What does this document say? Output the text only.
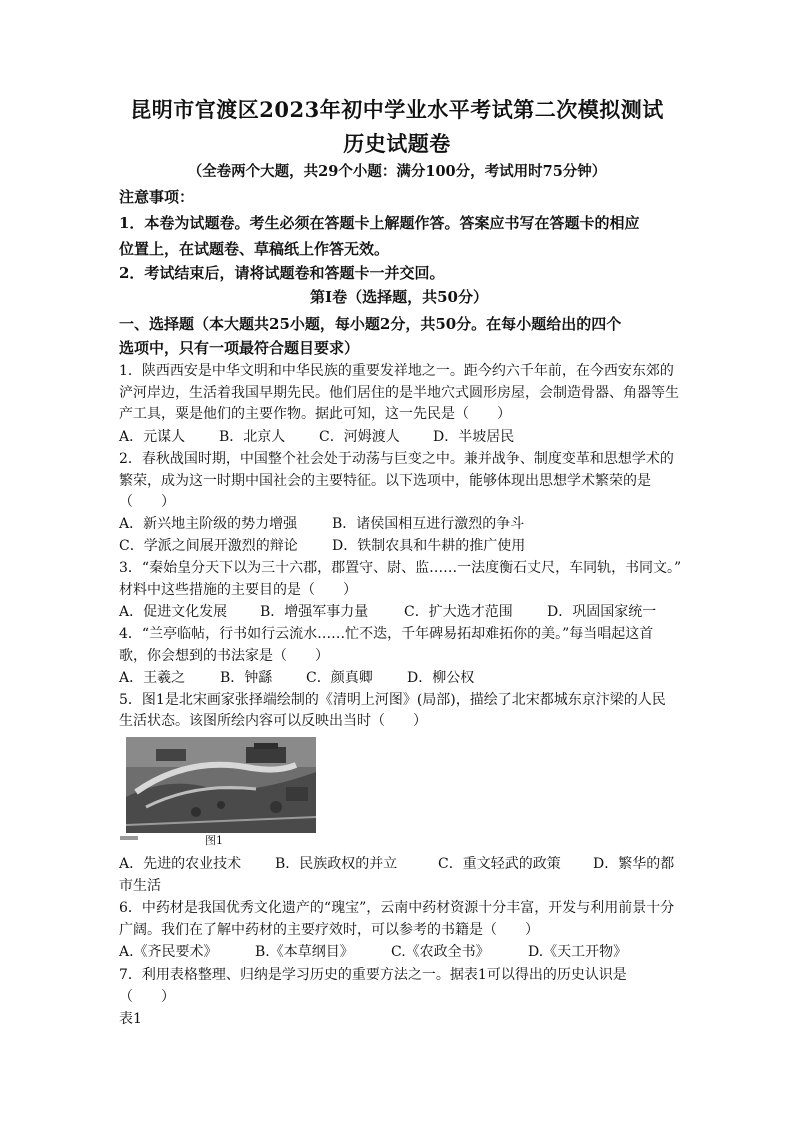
昆明市官渡区2023年初中学业水平考试第二次模拟测试
历史试题卷
（全卷两个大题，共29个小题：满分100分，考试用时75分钟）
注意事项：
1．本卷为试题卷。考生必须在答题卡上解题作答。答案应书写在答题卡的相应
位置上，在试题卷、草稿纸上作答无效。
2．考试结束后，请将试题卷和答题卡一并交回。
第Ⅰ卷（选择题，共50分）
一、选择题（本大题共25小题，每小题2分，共50分。在每小题给出的四个
选项中，只有一项最符合题目要求）
1．陕西西安是中华文明和中华民族的重要发祥地之一。距今约六千年前，在今西安东郊的
浐河岸边，生活着我国早期先民。他们居住的是半地穴式圆形房屋，会制造骨器、角器等生
产工具，粟是他们的主要作物。据此可知，这一先民是（　　）
A．元谋人 B．北京人 C．河姆渡人 D．半坡居民
2．春秋战国时期，中国整个社会处于动荡与巨变之中。兼并战争、制度变革和思想学术的
繁荣，成为这一时期中国社会的主要特征。以下选项中，能够体现出思想学术繁荣的是
（　　）
A．新兴地主阶级的势力增强 B．诸侯国相互进行激烈的争斗
C．学派之间展开激烈的辩论 D．铁制农具和牛耕的推广使用
3．“秦始皇分天下以为三十六郡，郡置守、尉、监……一法度衡石丈尺，车同轨，书同文。”
材料中这些措施的主要目的是（　　）
A．促进文化发展 B．增强军事力量	C．扩大选才范围 D．巩固国家统一
4．“兰亭临帖，行书如行云流水……忙不迭，千年碑易拓却难拓你的美。”每当唱起这首
歌，你会想到的书法家是（　　）
A．王羲之 B．钟繇 C．颜真卿 D．柳公权
5．图1是北宋画家张择端绘制的《清明上河图》(局部)，描绘了北宋都城东京汴梁的人民
生活状态。该图所绘内容可以反映出当时（　　）
图1
A．先进的农业技术 B．民族政权的并立	C．重文轻武的政策 D．繁华的都
市生活
6．中药材是我国优秀文化遗产的“瑰宝”，云南中药材资源十分丰富，开发与利用前景十分
广阔。我们在了解中药材的主要疗效时，可以参考的书籍是（　　）
A.《齐民要术》	B.《本草纲目》	C.《农政全书》	D.《天工开物》
7．利用表格整理、归纳是学习历史的重要方法之一。据表1可以得出的历史认识是
（　　）
表1
